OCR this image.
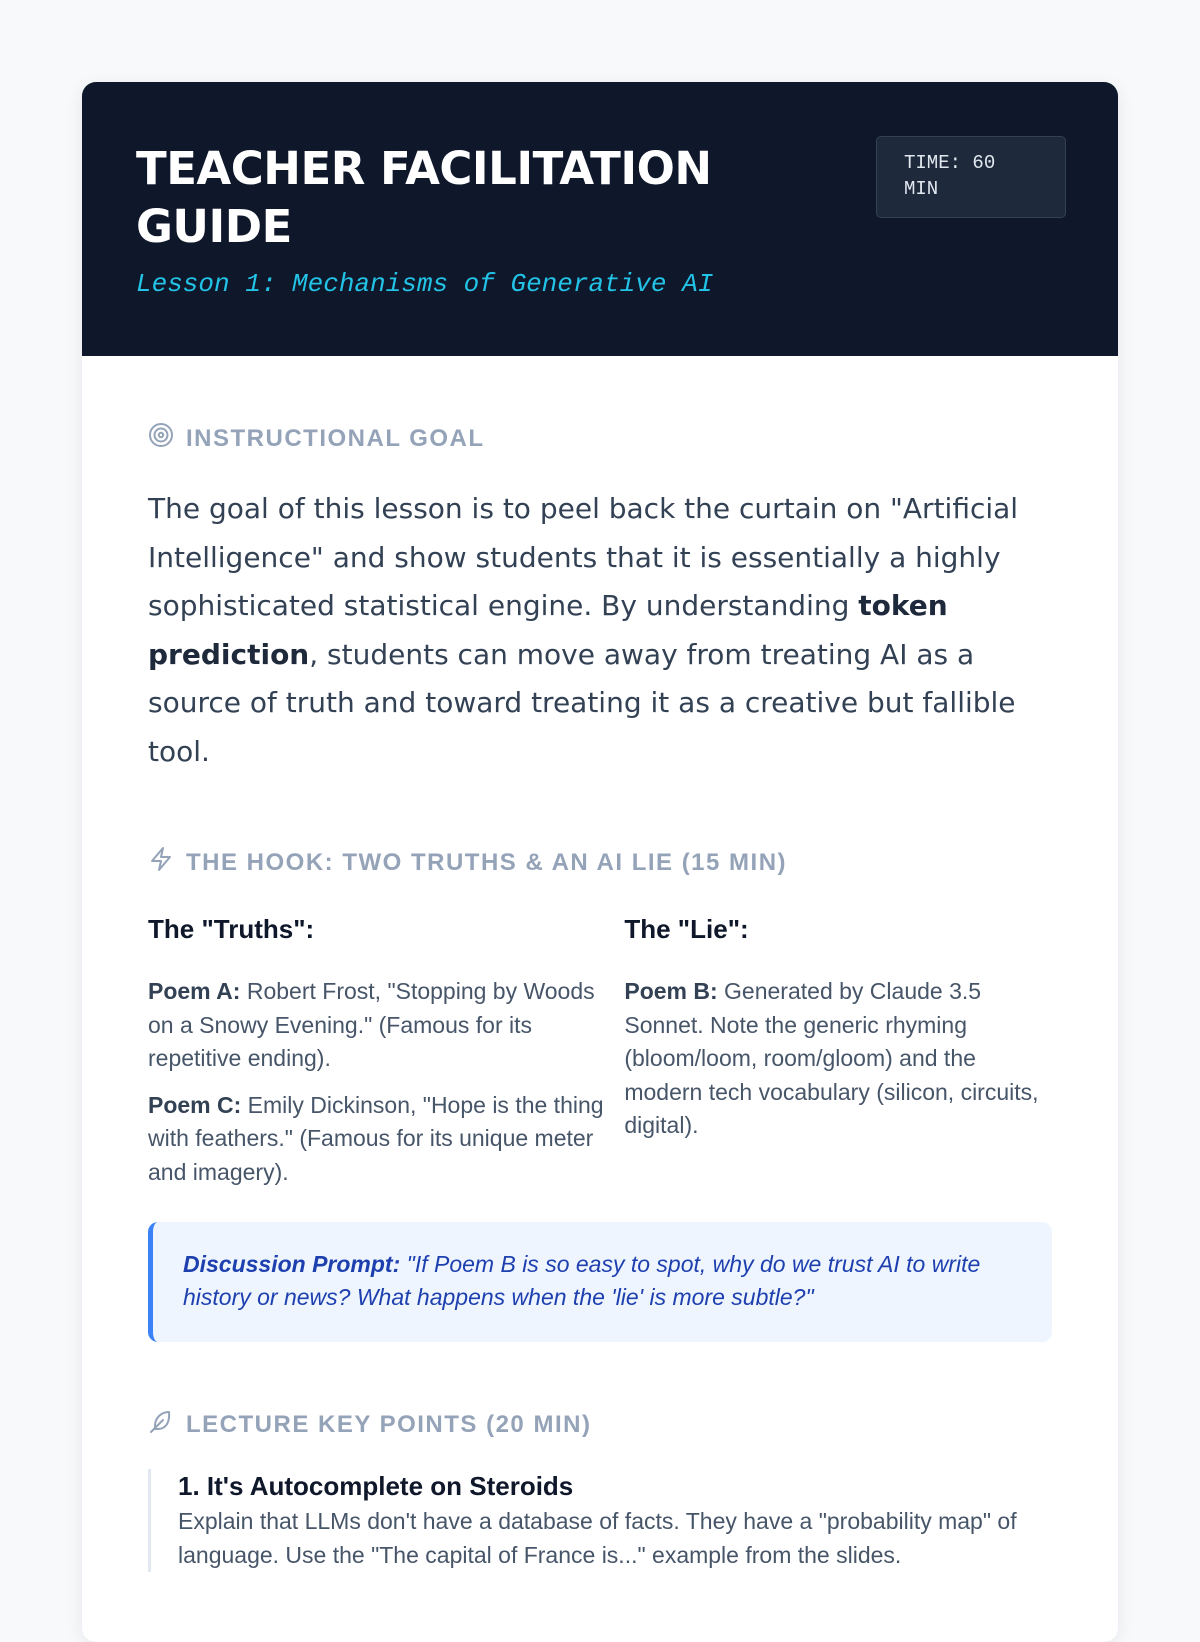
TEACHER FACILITATION GUIDE
Lesson 1: Mechanisms of Generative AI
TIME: 60 MIN
INSTRUCTIONAL GOAL
The goal of this lesson is to peel back the curtain on "Artificial Intelligence" and show students that it is essentially a highly sophisticated statistical engine. By understanding token prediction, students can move away from treating AI as a source of truth and toward treating it as a creative but fallible tool.
THE HOOK: TWO TRUTHS & AN AI LIE (15 MIN)
The "Truths":

Poem A: Robert Frost, "Stopping by Woods on a Snowy Evening." (Famous for its repetitive ending).

Poem C: Emily Dickinson, "Hope is the thing with feathers." (Famous for its unique meter and imagery).

The "Lie":

Poem B: Generated by Claude 3.5 Sonnet. Note the generic rhyming (bloom/loom, room/gloom) and the modern tech vocabulary (silicon, circuits, digital).

Discussion Prompt: "If Poem B is so easy to spot, why do we trust AI to write history or news? What happens when the 'lie' is more subtle?"
LECTURE KEY POINTS (20 MIN)
1. It's Autocomplete on Steroids
Explain that LLMs don't have a database of facts. They have a "probability map" of language. Use the "The capital of France is..." example from the slides.
